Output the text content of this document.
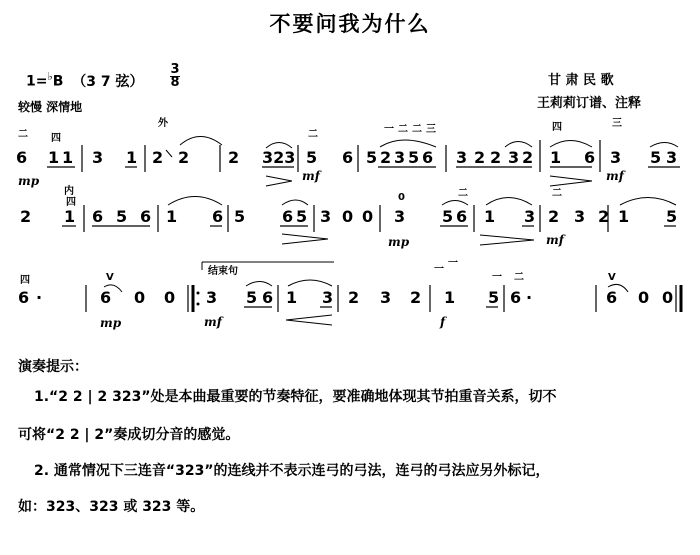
不要问我为什么
1=♭B （3 7 弦）
3
8
较慢 深情地
甘 肃 民 歌
王莉莉订谱、注释
二
6
四
1 1 3 1
外
2 2 2 323
二
5
mf
6 5
一
2 3
二
5
二
6
三
3 2 2 3 2
四
1 6
三
3
mf
5 3
mp
2
内
四
1 6 5 6 1 6 5 6 5 3 0 0
0
3
mp
二
5 6 1 3
二
2
mf
3 2 1 5
四
6 ·
V
6 0 0
mp
结束句
3
mf
5 6 1 3 2 3 2
一
一
1
f
一
5
二
6 ·
V
6 0 0
演奏提示：
1.“2 2 | 2 323”处是本曲最重要的节奏特征，要准确地体现其节拍重音关系，切不
可将“2 2 | 2”奏成切分音的感觉。
2. 通常情况下三连音“323”的连线并不表示连弓的弓法，连弓的弓法应另外标记，
如：323、323 或 323 等。
